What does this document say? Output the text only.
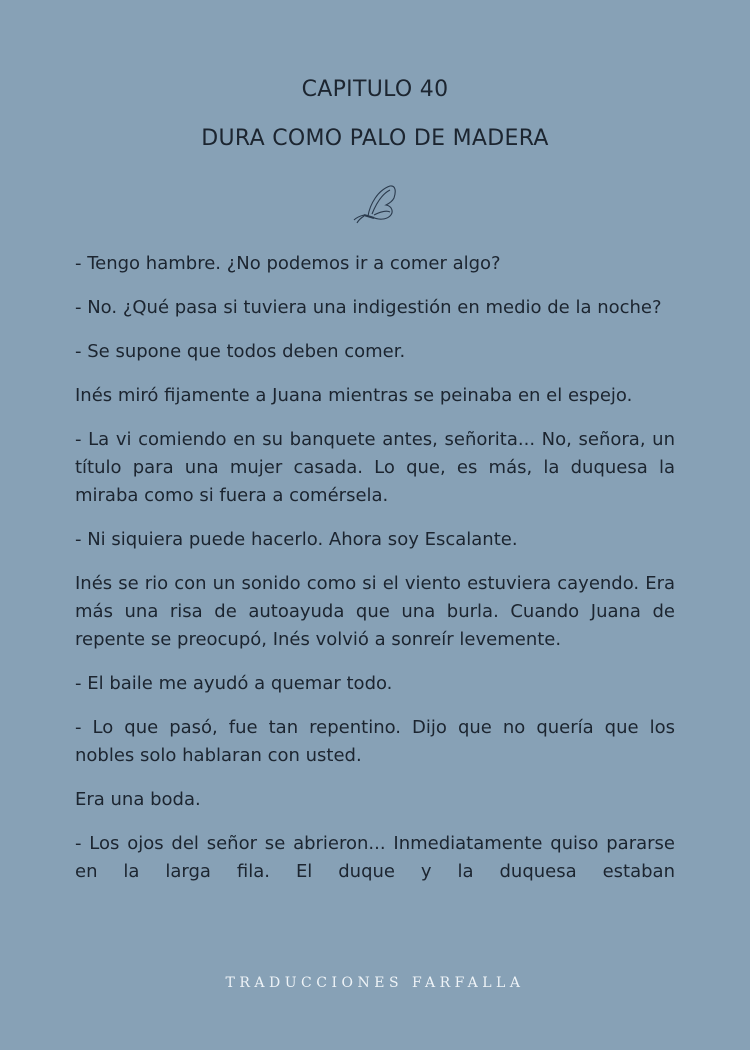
CAPITULO 40
DURA COMO PALO DE MADERA

- Tengo hambre. ¿No podemos ir a comer algo?

- No. ¿Qué pasa si tuviera una indigestión en medio de la noche?

- Se supone que todos deben comer.

Inés miró fijamente a Juana mientras se peinaba en el espejo.

- La vi comiendo en su banquete antes, señorita... No, señora, un título para una mujer casada. Lo que, es más, la duquesa la miraba como si fuera a comérsela.

- Ni siquiera puede hacerlo. Ahora soy Escalante.

Inés se rio con un sonido como si el viento estuviera cayendo. Era más una risa de autoayuda que una burla. Cuando Juana de repente se preocupó, Inés volvió a sonreír levemente.

- El baile me ayudó a quemar todo.

- Lo que pasó, fue tan repentino. Dijo que no quería que los nobles solo hablaran con usted.

Era una boda.

- Los ojos del señor se abrieron... Inmediatamente quiso pararse en la larga fila. El duque y la duquesa estaban

TRADUCCIONES FARFALLA
